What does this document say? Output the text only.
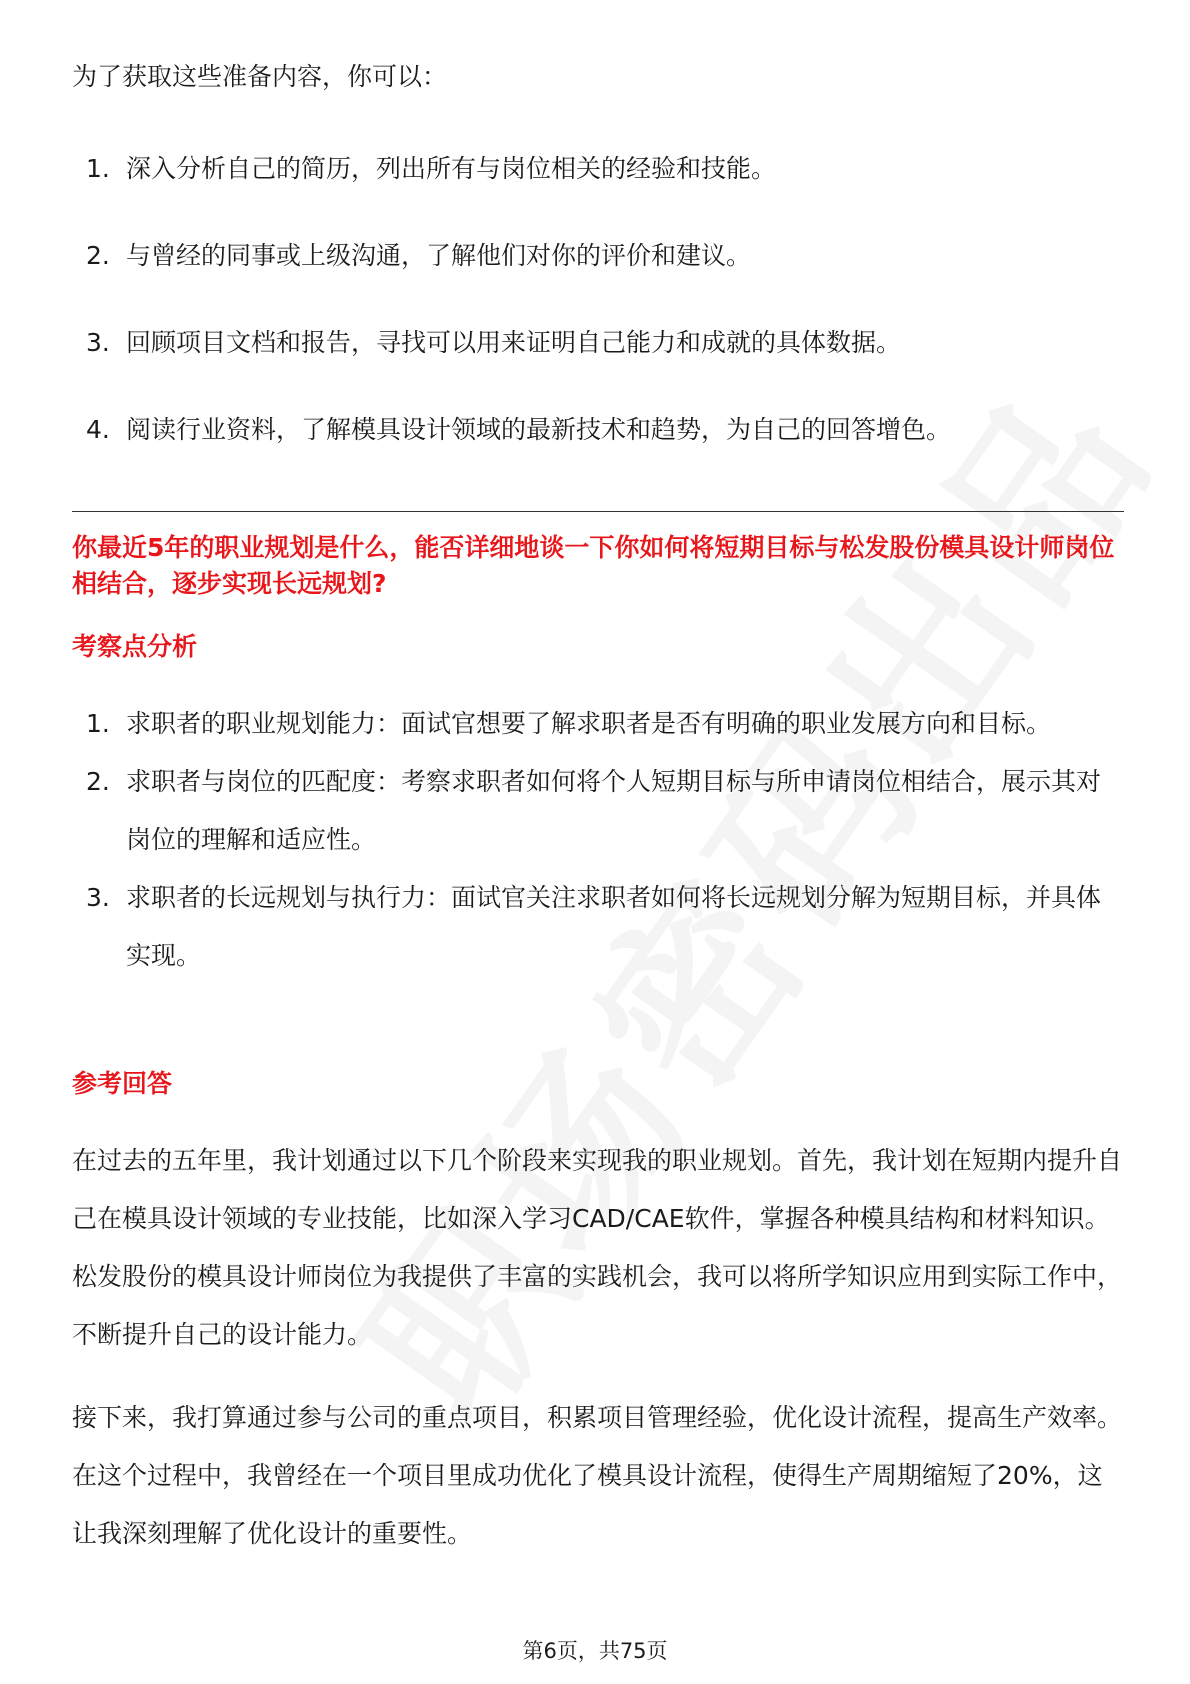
为了获取这些准备内容，你可以：

1. 深入分析自己的简历，列出所有与岗位相关的经验和技能。
2. 与曾经的同事或上级沟通，了解他们对你的评价和建议。
3. 回顾项目文档和报告，寻找可以用来证明自己能力和成就的具体数据。
4. 阅读行业资料，了解模具设计领域的最新技术和趋势，为自己的回答增色。

你最近5年的职业规划是什么，能否详细地谈一下你如何将短期目标与松发股份模具设计师岗位相结合，逐步实现长远规划?

考察点分析
1. 求职者的职业规划能力：面试官想要了解求职者是否有明确的职业发展方向和目标。
2. 求职者与岗位的匹配度：考察求职者如何将个人短期目标与所申请岗位相结合，展示其对岗位的理解和适应性。
3. 求职者的长远规划与执行力：面试官关注求职者如何将长远规划分解为短期目标，并具体实现。
参考回答

在过去的五年里，我计划通过以下几个阶段来实现我的职业规划。首先，我计划在短期内提升自己在模具设计领域的专业技能，比如深入学习CAD/CAE软件，掌握各种模具结构和材料知识。松发股份的模具设计师岗位为我提供了丰富的实践机会，我可以将所学知识应用到实际工作中，不断提升自己的设计能力。

接下来，我打算通过参与公司的重点项目，积累项目管理经验，优化设计流程，提高生产效率。在这个过程中，我曾经在一个项目里成功优化了模具设计流程，使得生产周期缩短了20%，这让我深刻理解了优化设计的重要性。

第6页，共75页
